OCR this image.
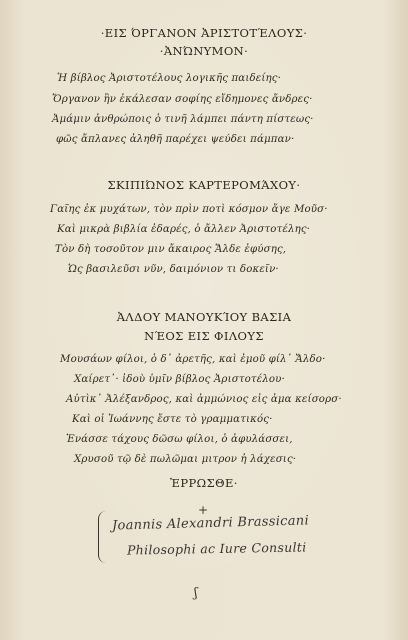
·ΕΙΣ ΌΡΓΑΝΟΝ ἈΡΙΣΤΟΤΈΛΟΥΣ·
·ἈΝΏΝΥΜΟΝ·
Ἡ βίβλος Ἀριστοτέλους λογικῆς παιδείης·
Ὄργανον ἣν ἐκάλεσαν σοφίης εἴδημονες ἄνδρες·
Ἀμάμιν ἀνθρώποις ὁ τινῆ λάμπει πάντη πίστεως·
φῶς ἄπλανες ἀληθῆ παρέχει ψεύδει πάμπαν·
ΣΚΙΠΙΏΝΟΣ ΚΑΡΤΕΡΟΜΆΧΟΥ·
Γαῖης ἐκ μυχάτων, τὸν πρὶν ποτὶ κόσμον ἄγε Μοῦσ·
Καὶ μικρὰ βιβλία ἐδαρές, ὁ ἄλλεν Ἀριστοτέλης·
Τὸν δὴ τοσοῦτον μιν ἄκαιρος Ἄλδε ἐφύσης,
Ὡς βασιλεῦσι νῦν, δαιμόνιον τι δοκεῖν·
ἈΛΔΟΥ ΜΑΝΟΥΚΊΟΥ ΒΑΣΙΑ
ΝΈΟΣ ΕΙΣ ΦΙΛΟΥΣ
Μουσάων φίλοι, ὁ δ᾽ ἀρετῆς, καὶ ἐμοῦ φίλ᾽ Ἄλδο·
Χαίρετ᾽· ἰδοὺ ὑμῖν βίβλος Ἀριστοτέλου·
Αὐτὶκ᾽ Ἀλέξανδρος, καὶ ἀμμώνιος εἰς ἀμα κείσορσ·
Καὶ οἱ Ἰωάννης ἔστε τὸ γραμματικός·
Ἐνάσσε τάχους δῶσω φίλοι, ὁ ἀφυλάσσει,
Χρυσοῦ τῷ δὲ πωλῶμαι μιτρον ἠ λάχεσις·
ἘΡΡΩΣΘΕ·
+
Joannis Alexandri Brassicani
Philosophi ac Iure Consulti
ʃ
